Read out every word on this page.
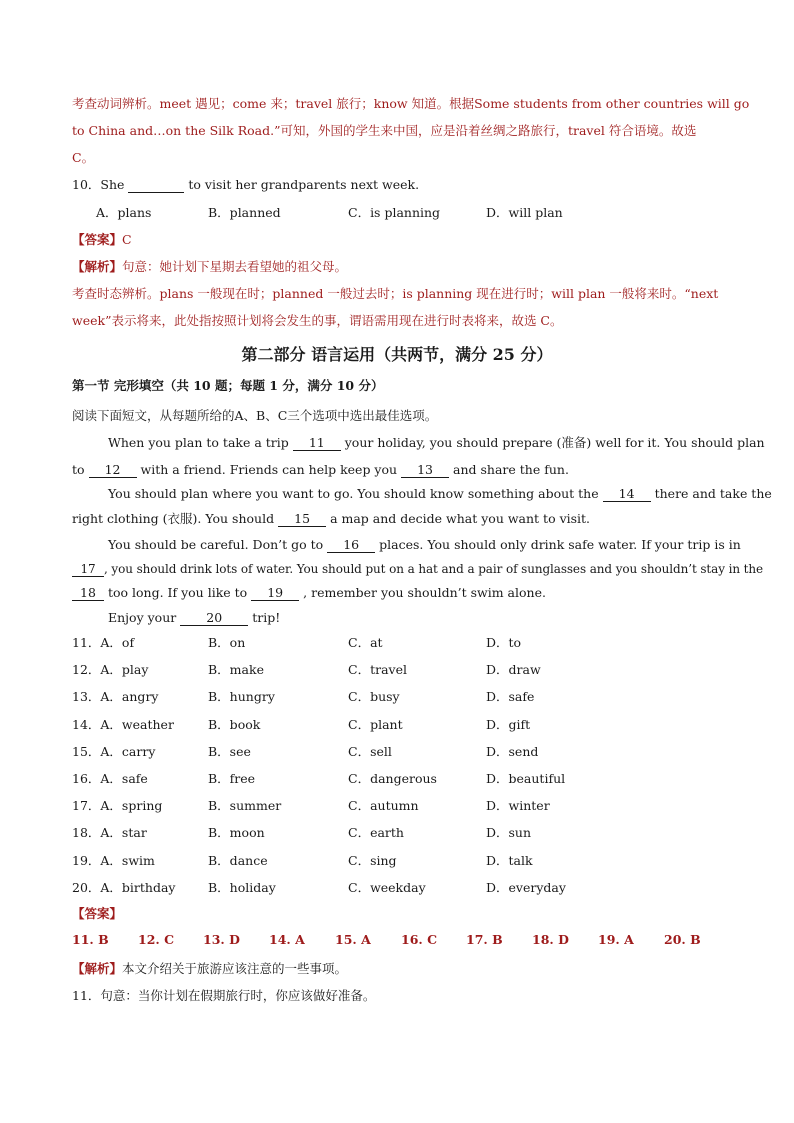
考查动词辨析。meet 遇见；come 来；travel 旅行；know 知道。根据Some students from other countries will go
to China and…on the Silk Road.”可知，外国的学生来中国，应是沿着丝绸之路旅行，travel 符合语境。故选
C。
10．She	to visit her grandparents next week.
A．plans	B．planned	C．is planning	D．will plan
【答案】C
【解析】句意：她计划下星期去看望她的祖父母。
考查时态辨析。plans 一般现在时；planned 一般过去时；is planning 现在进行时；will plan 一般将来时。“next
week”表示将来，此处指按照计划将会发生的事，谓语需用现在进行时表将来，故选 C。
第二部分 语言运用（共两节，满分 25 分）
第一节 完形填空（共 10 题；每题 1 分，满分 10 分）
阅读下面短文，从每题所给的A、B、C三个选项中选出最佳选项。
When you plan to take a trip 11 your holiday, you should prepare (准备) well for it. You should plan
to 12 with a friend. Friends can help keep you 13 and share the fun.
You should plan where you want to go. You should know something about the 14 there and take the
right clothing (衣服). You should 15 a map and decide what you want to visit.
You should be careful. Don’t go to 16 places. You should only drink safe water. If your trip is in
17 , you should drink lots of water. You should put on a hat and a pair of sunglasses and you shouldn’t stay in the
18 too long. If you like to 19 , remember you shouldn’t swim alone.
Enjoy your 20 trip!
11．A．of	B．on	C．at	D．to
12．A．play	B．make	C．travel	D．draw
13．A．angry	B．hungry	C．busy	D．safe
14．A．weather	B．book	C．plant	D．gift
15．A．carry	B．see	C．sell	D．send
16．A．safe	B．free	C．dangerous	D．beautiful
17．A．spring	B．summer	C．autumn	D．winter
18．A．star	B．moon	C．earth	D．sun
19．A．swim	B．dance	C．sing	D．talk
20．A．birthday	B．holiday	C．weekday	D．everyday
【答案】
11. B 12. C 13. D 14. A 15. A 16. C 17. B 18. D 19. A 20. B
【解析】本文介绍关于旅游应该注意的一些事项。
11．句意：当你计划在假期旅行时，你应该做好准备。
